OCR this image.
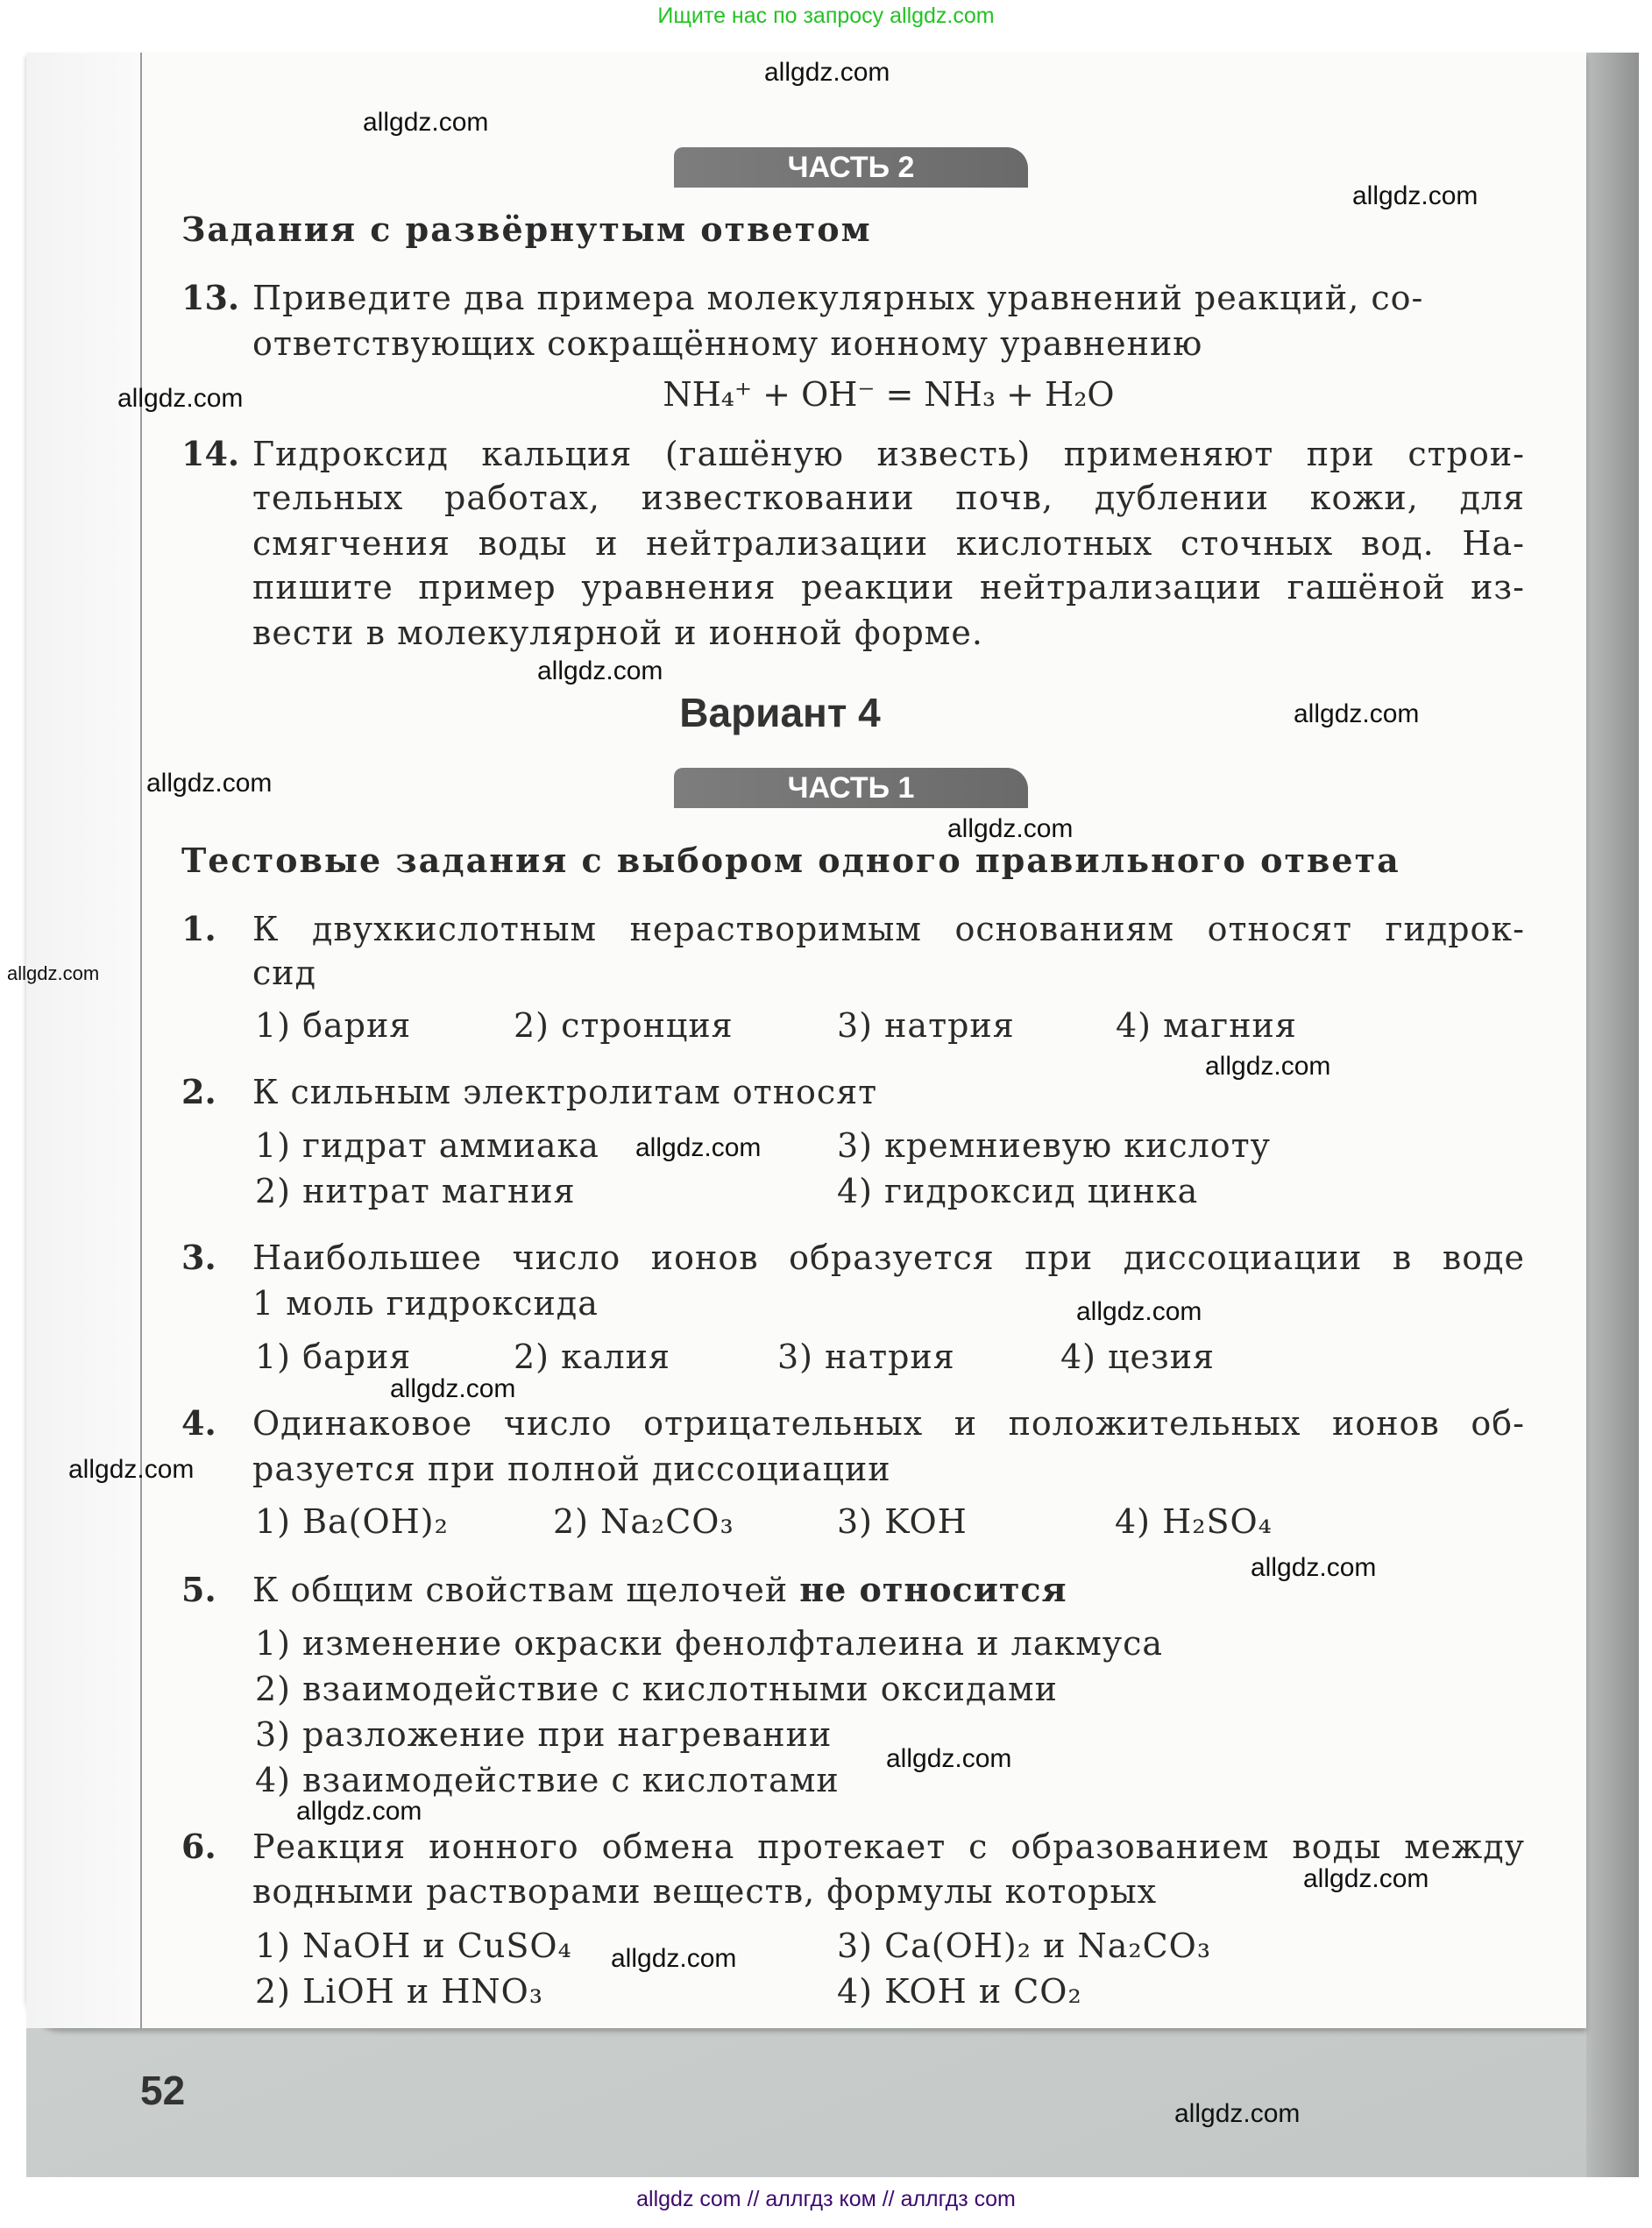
Ищите нас по запросу allgdz.com
ЧАСТЬ 2
Задания с развёрнутым ответом
13. Приведите два примера молекулярных уравнений реакций, со-
ответствующих сокращённому ионному уравнению
NH₄⁺ + OH⁻ = NH₃ + H₂O
14. Гидроксид кальция (гашёную известь) применяют при строи-
тельных работах, известковании почв, дублении кожи, для
смягчения воды и нейтрализации кислотных сточных вод. На-
пишите пример уравнения реакции нейтрализации гашёной из-
вести в молекулярной и ионной форме.
Вариант 4
ЧАСТЬ 1
Тестовые задания с выбором одного правильного ответа
1. К двухкислотным нерастворимым основаниям относят гидрок-
сид
1) бария	2) стронция	3) натрия	4) магния
2. К сильным электролитам относят
1) гидрат аммиака	3) кремниевую кислоту
2) нитрат магния	4) гидроксид цинка
3. Наибольшее число ионов образуется при диссоциации в воде
1 моль гидроксида
1) бария	2) калия	3) натрия	4) цезия
4. Одинаковое число отрицательных и положительных ионов об-
разуется при полной диссоциации
1) Ba(OH)₂	2) Na₂CO₃	3) KOH	4) H₂SO₄
5. К общим свойствам щелочей не относится
1) изменение окраски фенолфталеина и лакмуса
2) взаимодействие с кислотными оксидами
3) разложение при нагревании
4) взаимодействие с кислотами
6. Реакция ионного обмена протекает с образованием воды между
водными растворами веществ, формулы которых
1) NaOH и CuSO₄	3) Ca(OH)₂ и Na₂CO₃
2) LiOH и HNO₃	4) KOH и CO₂
52
allgdz.com
allgdz.com
allgdz.com
allgdz.com
allgdz.com
allgdz.com
allgdz.com
allgdz.com
allgdz.com
allgdz.com
allgdz.com
allgdz.com
allgdz.com
allgdz.com
allgdz.com
allgdz.com
allgdz.com
allgdz.com
allgdz.com
allgdz.com
allgdz com // аллгдз ком // аллгдз com
